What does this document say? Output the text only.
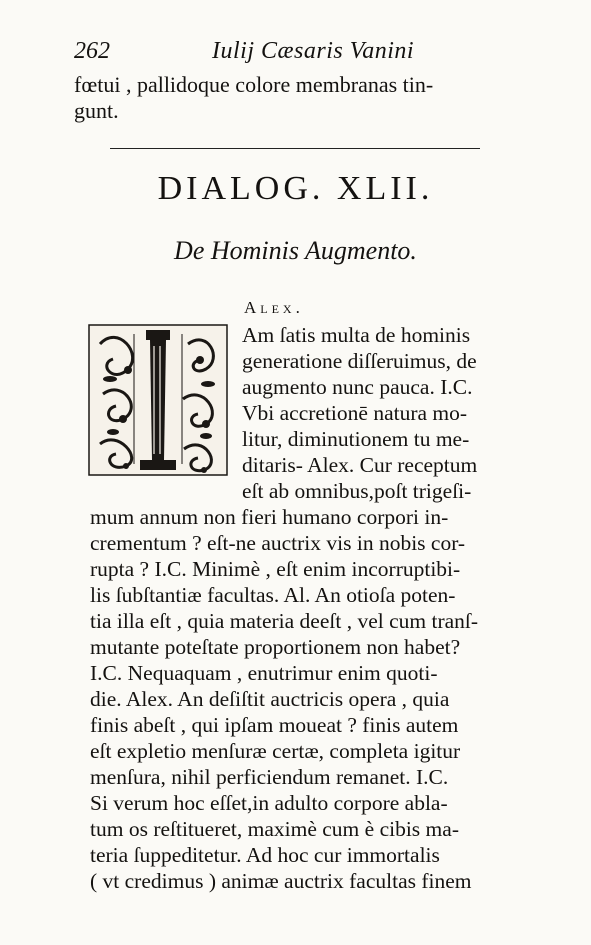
262	Iulij Cæsaris Vanini
fœtui , pallidoque colore membranas tin-
gunt.
DIALOG. XLII.
De Hominis Augmento.
Alex.
Am ſatis multa de hominis
generatione diſſeruimus, de
augmento nunc pauca. I.C.
Vbi accretionē natura mo-
litur, diminutionem tu me-
ditaris- Alex. Cur receptum
eſt ab omnibus,poſt trigeſi-
mum annum non fieri humano corpori in-
crementum ? eſt-ne auctrix vis in nobis cor-
rupta ? I.C. Minimè , eſt enim incorruptibi-
lis ſubſtantiæ facultas. Al. An otioſa poten-
tia illa eſt , quia materia deeſt , vel cum tranſ-
mutante poteſtate proportionem non habet?
I.C. Nequaquam , enutrimur enim quoti-
die. Alex. An deſiſtit auctricis opera , quia
finis abeſt , qui ipſam moueat ? finis autem
eſt expletio menſuræ certæ, completa igitur
menſura, nihil perficiendum remanet. I.C.
Si verum hoc eſſet,in adulto corpore abla-
tum os reſtitueret, maximè cum è cibis ma-
teria ſuppeditetur. Ad hoc cur immortalis
( vt credimus ) animæ auctrix facultas finem
